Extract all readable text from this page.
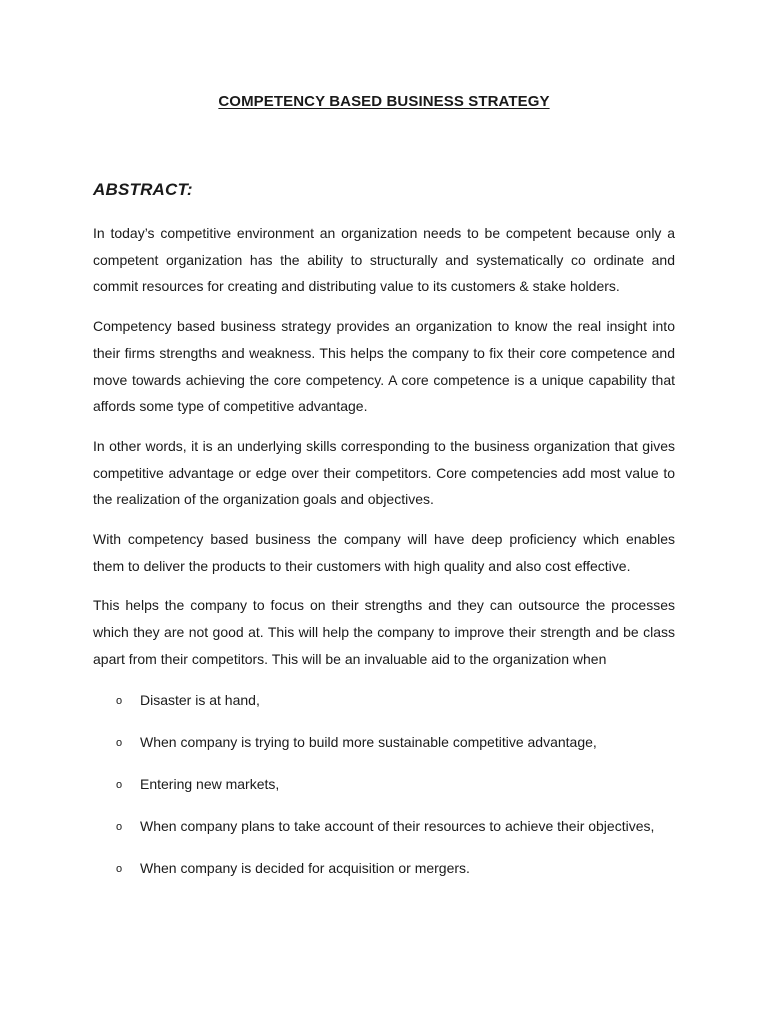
COMPETENCY BASED BUSINESS STRATEGY
ABSTRACT:

In today’s competitive environment an organization needs to be competent because only a competent organization has the ability to structurally and systematically co ordinate and commit resources for creating and distributing value to its customers & stake holders.

Competency based business strategy provides an organization to know the real insight into their firms strengths and weakness. This helps the company to fix their core competence and move towards achieving the core competency. A core competence is a unique capability that affords some type of competitive advantage.

In other words, it is an underlying skills corresponding to the business organization that gives competitive advantage or edge over their competitors. Core competencies add most value to the realization of the organization goals and objectives.

With competency based business the company will have deep proficiency which enables them to deliver the products to their customers with high quality and also cost effective.

This helps the company to focus on their strengths and they can outsource the processes which they are not good at. This will help the company to improve their strength and be class apart from their competitors. This will be an invaluable aid to the organization when

o Disaster is at hand,
o When company is trying to build more sustainable competitive advantage,
o Entering new markets,
o When company plans to take account of their resources to achieve their objectives,
o When company is decided for acquisition or mergers.
